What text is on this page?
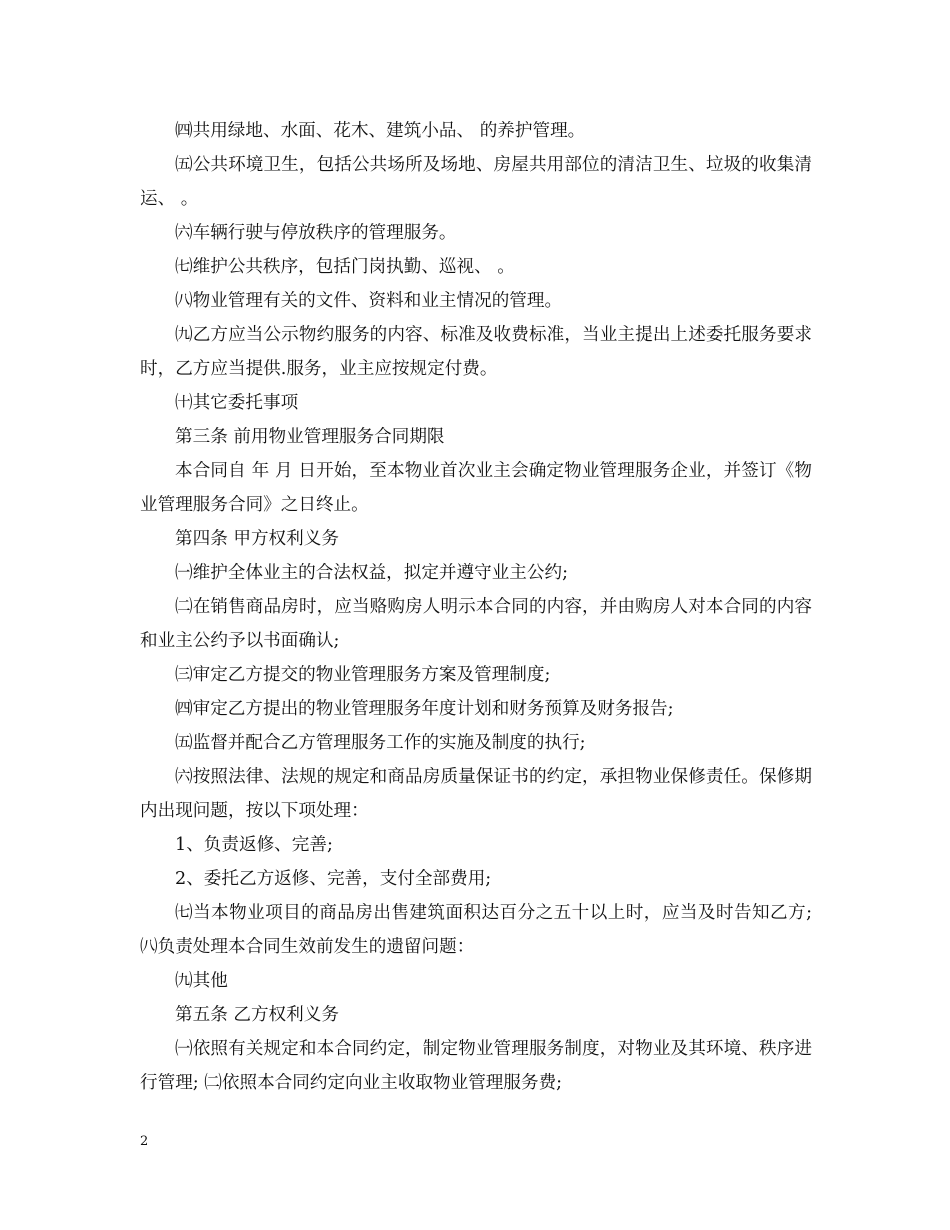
㈣共用绿地、水面、花木、建筑小品、 的养护管理。

㈤公共环境卫生，包括公共场所及场地、房屋共用部位的清洁卫生、垃圾的收集清运、 。

㈥车辆行驶与停放秩序的管理服务。

㈦维护公共秩序，包括门岗执勤、巡视、 。

㈧物业管理有关的文件、资料和业主情况的管理。

㈨乙方应当公示物约服务的内容、标准及收费标准，当业主提出上述委托服务要求时，乙方应当提供.服务，业主应按规定付费。

㈩其它委托事项

第三条 前用物业管理服务合同期限

本合同自 年 月 日开始，至本物业首次业主会确定物业管理服务企业，并签订《物业管理服务合同》之日终止。

第四条 甲方权利义务

㈠维护全体业主的合法权益，拟定并遵守业主公约;

㈡在销售商品房时，应当赂购房人明示本合同的内容，并由购房人对本合同的内容和业主公约予以书面确认;

㈢审定乙方提交的物业管理服务方案及管理制度;

㈣审定乙方提出的物业管理服务年度计划和财务预算及财务报告;

㈤监督并配合乙方管理服务工作的实施及制度的执行;

㈥按照法律、法规的规定和商品房质量保证书的约定，承担物业保修责任。保修期内出现问题，按以下项处理：

1、负责返修、完善;

2、委托乙方返修、完善，支付全部费用;

㈦当本物业项目的商品房出售建筑面积达百分之五十以上时，应当及时告知乙方; ㈧负责处理本合同生效前发生的遗留问题：

㈨其他

第五条 乙方权利义务

㈠依照有关规定和本合同约定，制定物业管理服务制度，对物业及其环境、秩序进行管理; ㈡依照本合同约定向业主收取物业管理服务费;

2
